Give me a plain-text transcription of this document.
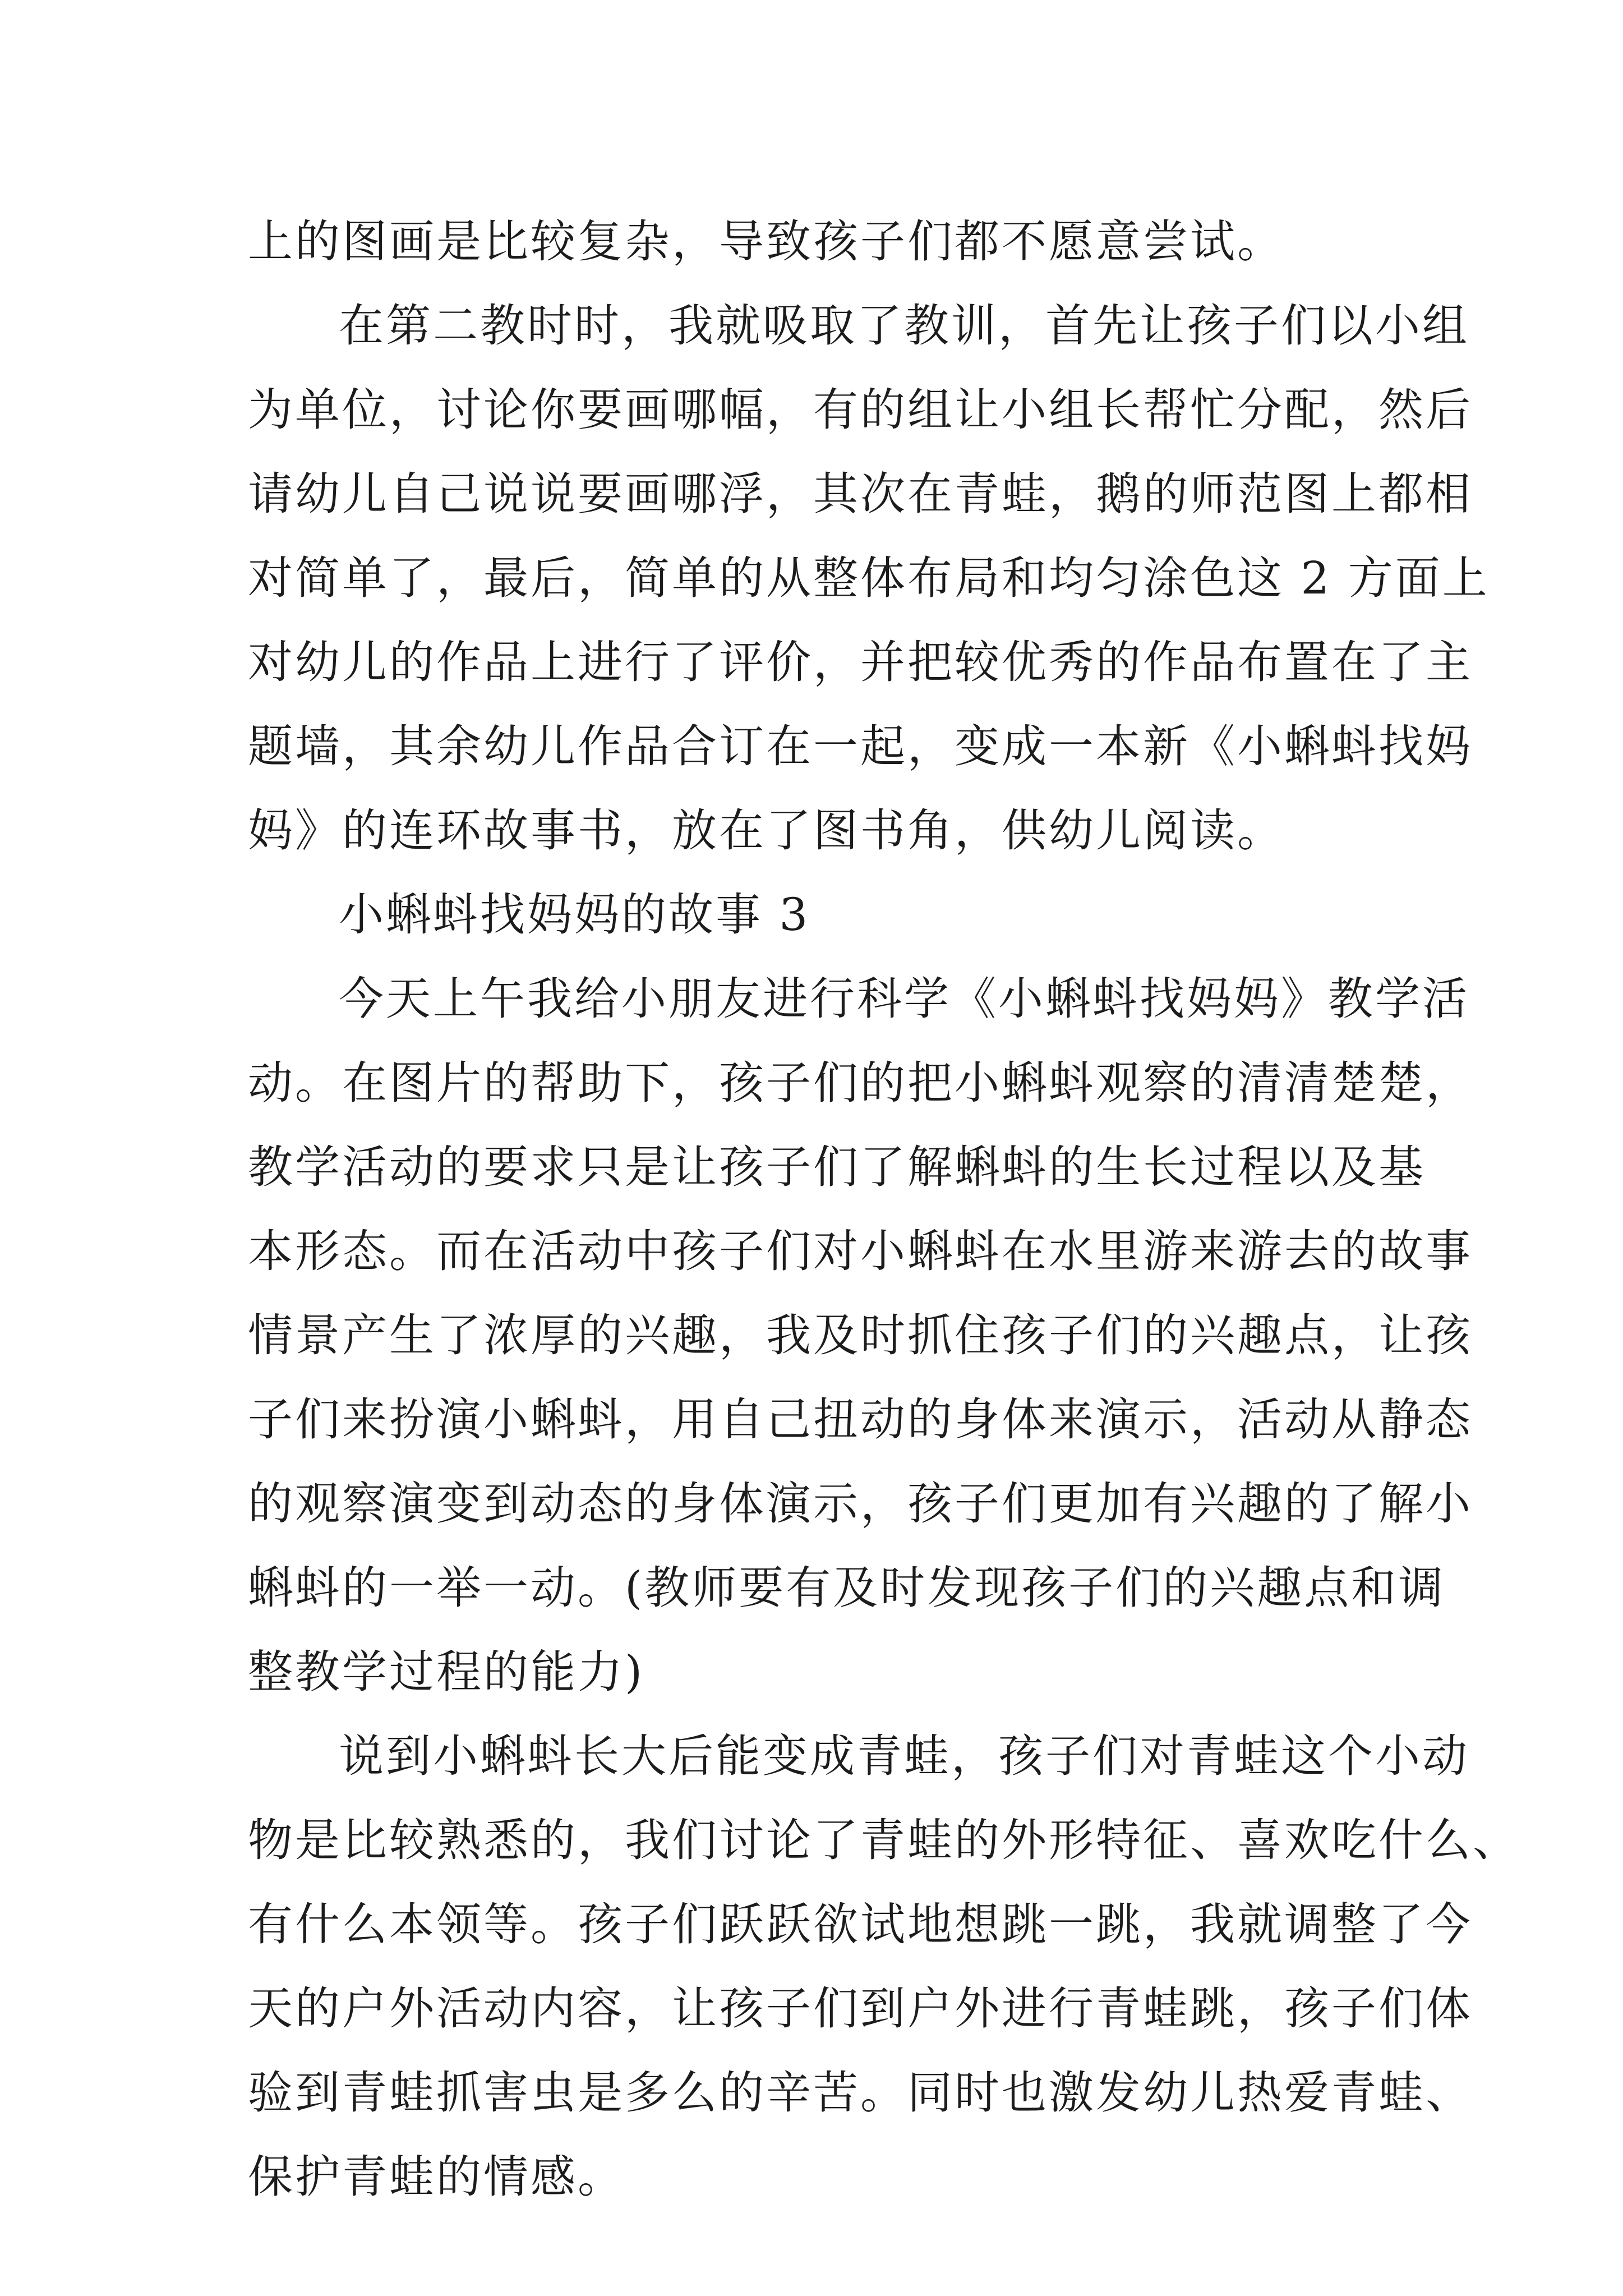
上的图画是比较复杂，导致孩子们都不愿意尝试。
在第二教时时，我就吸取了教训，首先让孩子们以小组
为单位，讨论你要画哪幅，有的组让小组长帮忙分配，然后
请幼儿自己说说要画哪浮，其次在青蛙，鹅的师范图上都相
对简单了，最后，简单的从整体布局和均匀涂色这 2 方面上
对幼儿的作品上进行了评价，并把较优秀的作品布置在了主
题墙，其余幼儿作品合订在一起，变成一本新《小蝌蚪找妈
妈》的连环故事书，放在了图书角，供幼儿阅读。
小蝌蚪找妈妈的故事 3
今天上午我给小朋友进行科学《小蝌蚪找妈妈》教学活
动。在图片的帮助下，孩子们的把小蝌蚪观察的清清楚楚，
教学活动的要求只是让孩子们了解蝌蚪的生长过程以及基
本形态。而在活动中孩子们对小蝌蚪在水里游来游去的故事
情景产生了浓厚的兴趣，我及时抓住孩子们的兴趣点，让孩
子们来扮演小蝌蚪，用自己扭动的身体来演示，活动从静态
的观察演变到动态的身体演示，孩子们更加有兴趣的了解小
蝌蚪的一举一动。(教师要有及时发现孩子们的兴趣点和调
整教学过程的能力)
说到小蝌蚪长大后能变成青蛙，孩子们对青蛙这个小动
物是比较熟悉的，我们讨论了青蛙的外形特征、喜欢吃什么、
有什么本领等。孩子们跃跃欲试地想跳一跳，我就调整了今
天的户外活动内容，让孩子们到户外进行青蛙跳，孩子们体
验到青蛙抓害虫是多么的辛苦。同时也激发幼儿热爱青蛙、
保护青蛙的情感。
